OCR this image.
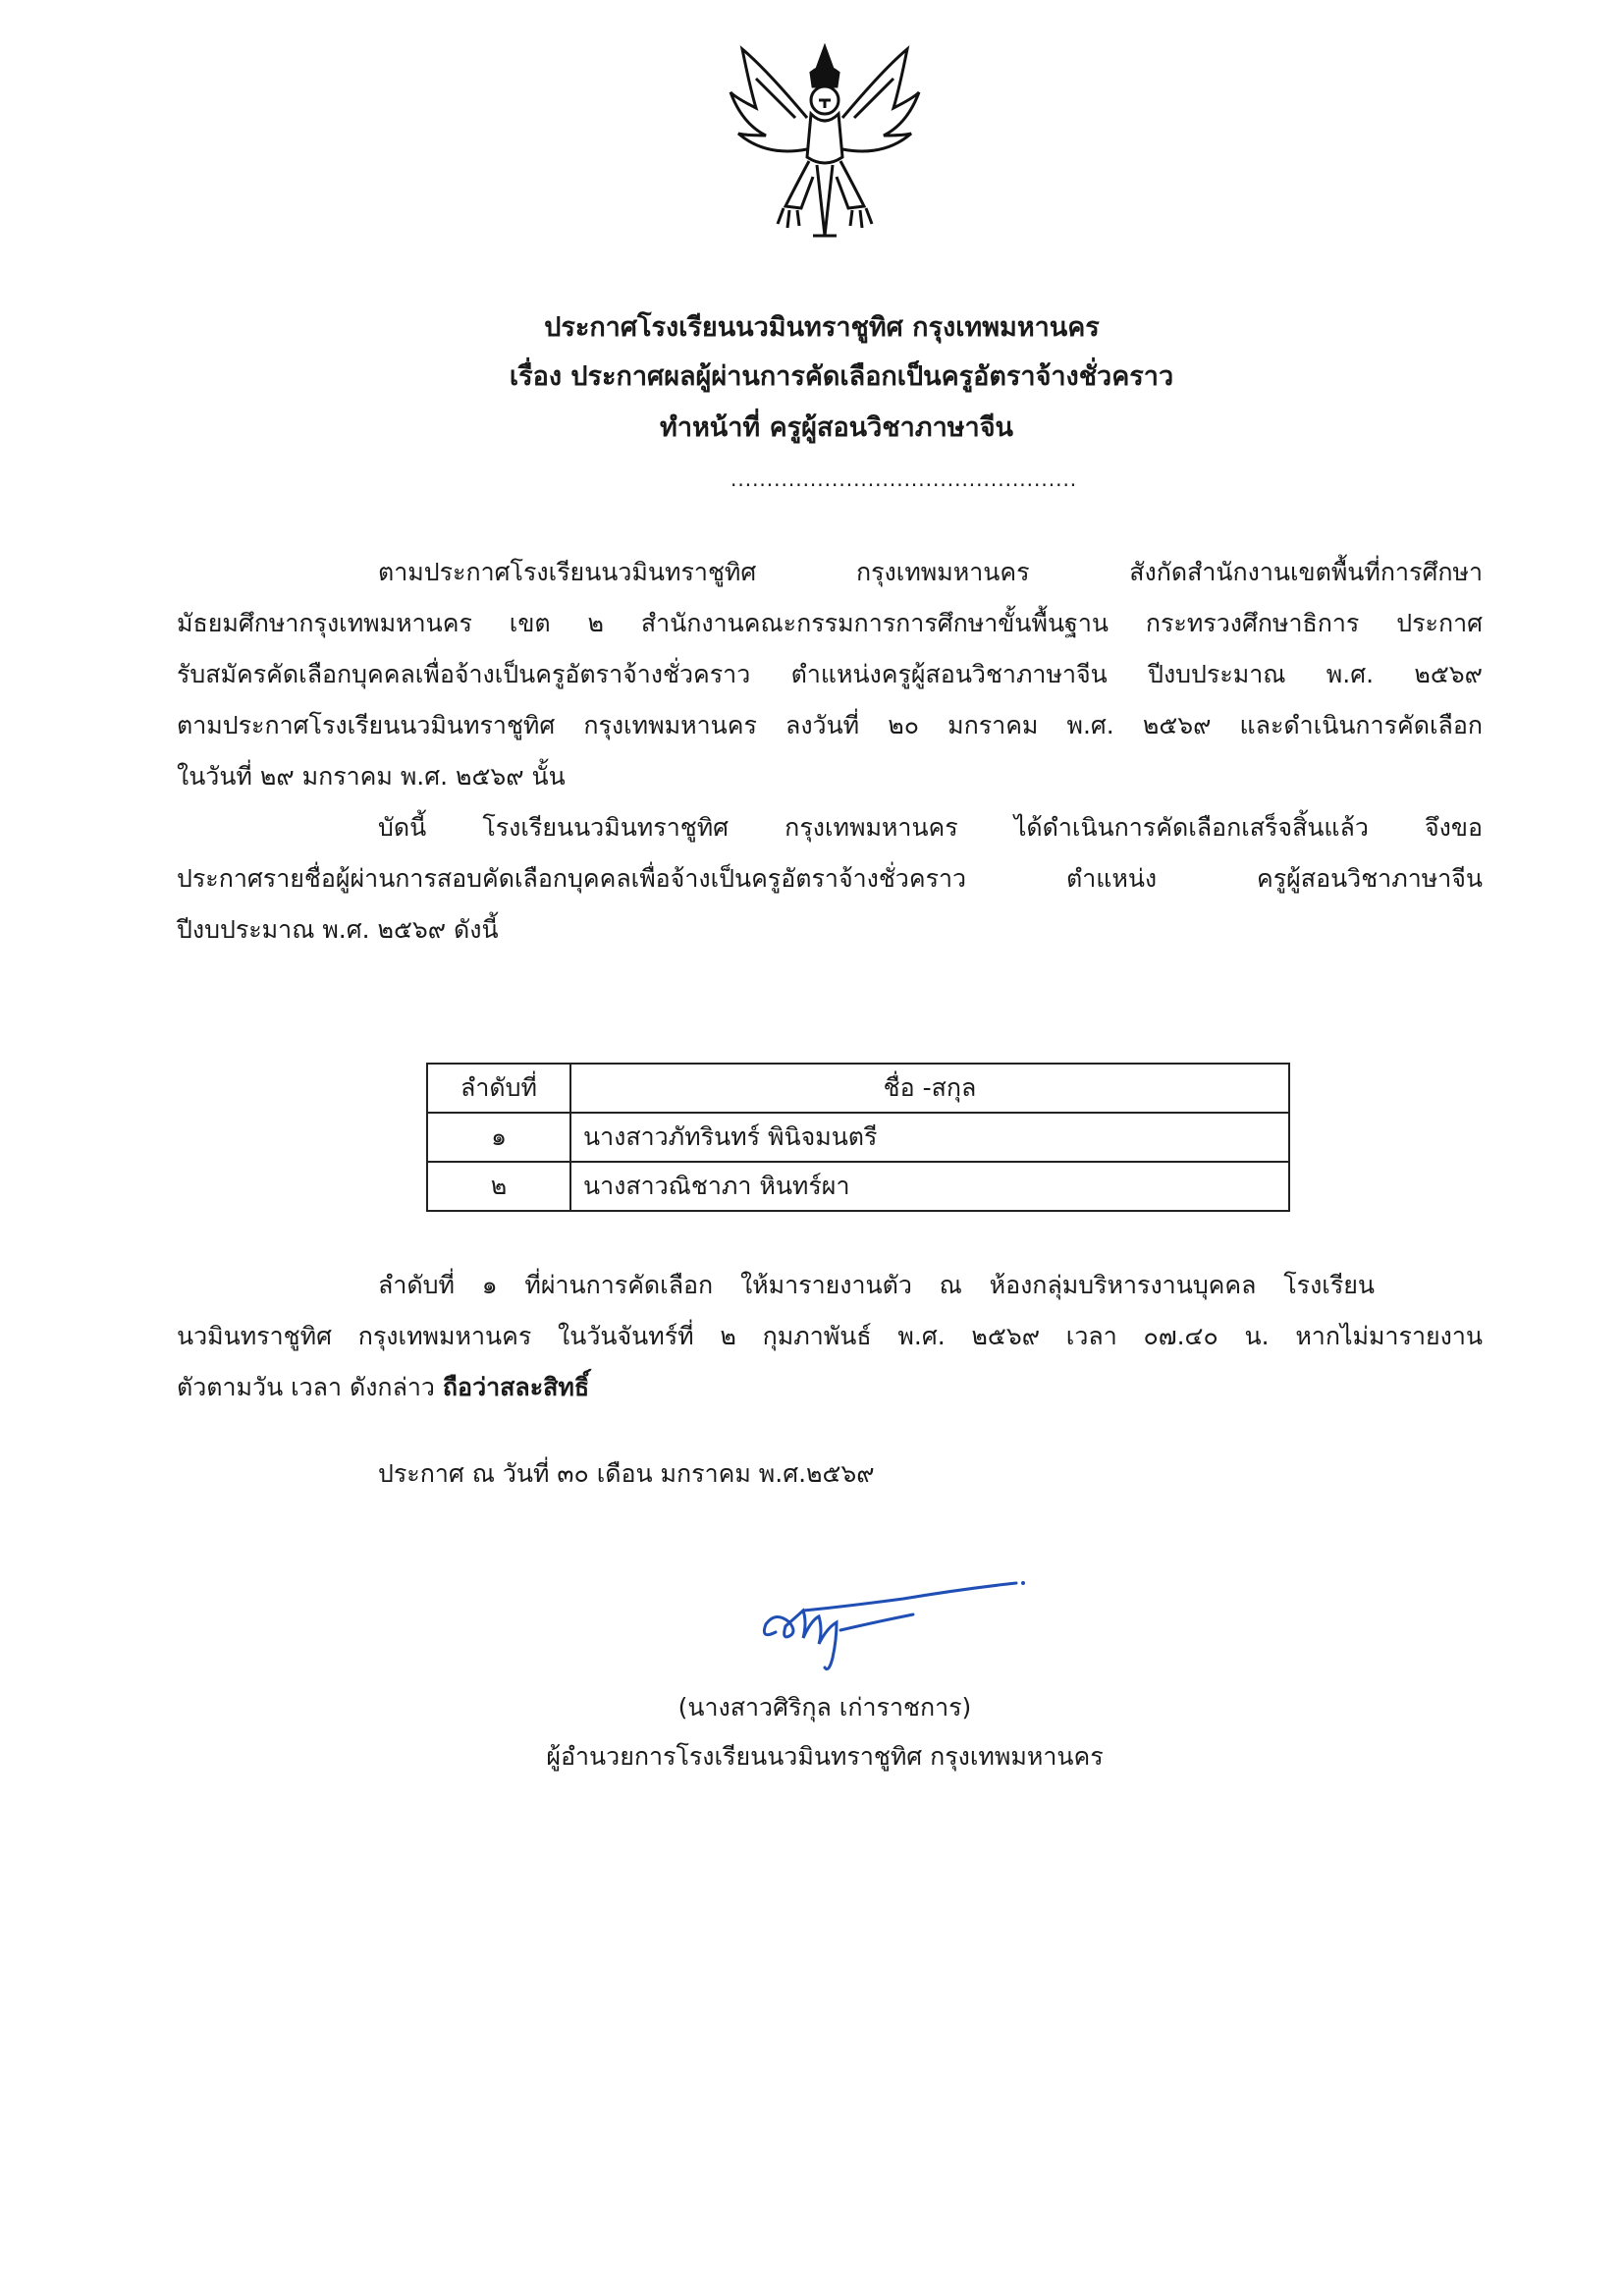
ประกาศโรงเรียนนวมินทราชูทิศ กรุงเทพมหานคร
เรื่อง ประกาศผลผู้ผ่านการคัดเลือกเป็นครูอัตราจ้างชั่วคราว
ทำหน้าที่ ครูผู้สอนวิชาภาษาจีน
................................................
ตามประกาศโรงเรียนนวมินทราชูทิศ กรุงเทพมหานคร สังกัดสำนักงานเขตพื้นที่การศึกษา
มัธยมศึกษากรุงเทพมหานคร เขต ๒ สำนักงานคณะกรรมการการศึกษาขั้นพื้นฐาน กระทรวงศึกษาธิการ ประกาศ
รับสมัครคัดเลือกบุคคลเพื่อจ้างเป็นครูอัตราจ้างชั่วคราว ตำแหน่งครูผู้สอนวิชาภาษาจีน ปีงบประมาณ พ.ศ. ๒๕๖๙
ตามประกาศโรงเรียนนวมินทราชูทิศ กรุงเทพมหานคร ลงวันที่ ๒๐ มกราคม พ.ศ. ๒๕๖๙ และดำเนินการคัดเลือก
ในวันที่ ๒๙ มกราคม พ.ศ. ๒๕๖๙ นั้น
บัดนี้ โรงเรียนนวมินทราชูทิศ กรุงเทพมหานคร ได้ดำเนินการคัดเลือกเสร็จสิ้นแล้ว จึงขอ
ประกาศรายชื่อผู้ผ่านการสอบคัดเลือกบุคคลเพื่อจ้างเป็นครูอัตราจ้างชั่วคราว ตำแหน่ง ครูผู้สอนวิชาภาษาจีน
ปีงบประมาณ พ.ศ. ๒๕๖๙ ดังนี้
ลำดับที่	ชื่อ -สกุล
๑	นางสาวภัทรินทร์ พินิจมนตรี
๒	นางสาวณิชาภา หินทร์ผา
ลำดับที่ ๑ ที่ผ่านการคัดเลือก ให้มารายงานตัว ณ ห้องกลุ่มบริหารงานบุคคล โรงเรียน
นวมินทราชูทิศ กรุงเทพมหานคร ในวันจันทร์ที่ ๒ กุมภาพันธ์ พ.ศ. ๒๕๖๙ เวลา ๐๗.๔๐ น. หากไม่มารายงาน
ตัวตามวัน เวลา ดังกล่าว ถือว่าสละสิทธิ์
ประกาศ ณ วันที่ ๓๐ เดือน มกราคม พ.ศ.๒๕๖๙
(นางสาวศิริกุล เก่าราชการ)
ผู้อำนวยการโรงเรียนนวมินทราชูทิศ กรุงเทพมหานคร
